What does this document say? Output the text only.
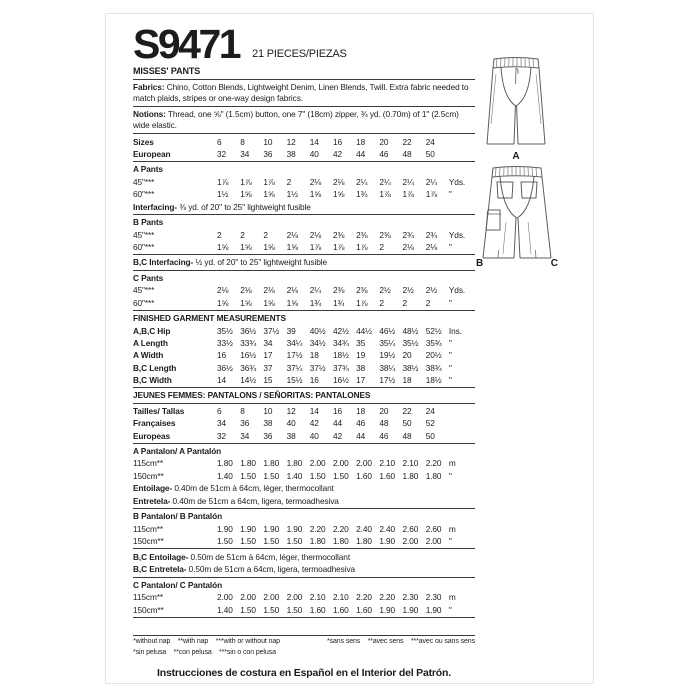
S9471 21 PIECES/PIEZAS
MISSES' PANTS
Fabrics: Chino, Cotton Blends, Lightweight Denim, Linen Blends, Twill. Extra fabric needed to match plaids, stripes or one-way design fabrics.
Notions: Thread, one ⅝" (1.5cm) button, one 7" (18cm) zipper, ¾ yd. (0.70m) of 1" (2.5cm) wide elastic.
Sizes	6	8	10	12	14	16	18	20	22	24
European	32	34	36	38	40	42	44	46	48	50
A Pants
45"***	1⅞	1⅞	1⅞	2	2⅛	2⅛	2¼	2¼	2¼	2¼	Yds.
60"***	1½	1⅝	1⅝	1½	1⅝	1⅝	1¾	1⅞	1⅞	1⅞	"
Interfacing- ⅜ yd. of 20" to 25" lightweight fusible
B Pants
45"***	2	2	2	2⅛	2⅛	2⅜	2⅜	2⅜	2¾	2¾	Yds.
60"***	1⅝	1⅝	1⅝	1⅝	1⅞	1⅞	1⅞	2	2⅛	2⅛	"
B,C Interfacing- ½ yd. of 20" to 25" lightweight fusible
C Pants
45"***	2⅛	2⅛	2⅛	2⅛	2¼	2⅜	2⅜	2½	2½	2½	Yds.
60"***	1⅝	1⅝	1⅝	1⅝	1¾	1¾	1⅞	2	2	2	"
FINISHED GARMENT MEASUREMENTS
A,B,C Hip	35½ 36½ 37½ 39	40½ 42½ 44½ 46½ 48½ 52½ Ins.
A Length	33½ 33¾ 34	34¼ 34½ 34¾ 35	35¼ 35½ 35¾ "
A Width	16	16½ 17	17½ 18	18½ 19	19½ 20	20½ "
B,C Length	36½ 36¾ 37	37¼ 37½ 37¾ 38	38¼ 38½ 38¾ "
B,C Width	14	14½ 15	15½ 16	16½ 17	17½ 18	18½ "
JEUNES FEMMES: PANTALONS / SEÑORITAS: PANTALONES
Tailles/ Tallas	6	8	10	12	14	16	18	20	22	24
Françaises	34	36	38	40	42	44	46	48	50	52
Europeas	32	34	36	38	40	42	44	46	48	50
A Pantalon/ A Pantalón
115cm**	1.80 1.80 1.80 1.80 2.00 2.00 2.00 2.10 2.10 2.20 m
150cm**	1.40 1.50 1.50 1.40 1.50 1.50 1.60 1.60 1.80 1.80 "
Entoilage- 0.40m de 51cm à 64cm, léger, thermocollant
Entretela- 0.40m de 51cm a 64cm, ligera, termoadhesiva
B Pantalon/ B Pantalón
115cm**	1.90 1.90 1.90 1.90 2.20 2.20 2.40 2.40 2.60 2.60 m
150cm**	1.50 1.50 1.50 1.50 1.80 1.80 1.80 1.90 2.00 2.00 "
B,C Entoilage- 0.50m de 51cm à 64cm, léger, thermocollant
B,C Entretela- 0.50m de 51cm a 64cm, ligera, termoadhesiva
C Pantalon/ C Pantalón
115cm**	2.00 2.00 2.00 2.00 2.10 2.10 2.20 2.20 2.30 2.30 m
150cm**	1.40 1.50 1.50 1.50 1.60 1.60 1.60 1.90 1.90 1.90 "
*without nap    **with nap    ***with or without nap	*sans sens    **avec sens    ***avec ou sans sens
*sin pelusa    **con pelusa    ***sin o con pelusa
Instrucciones de costura en Español en el Interior del Patrón.
A
B	C
